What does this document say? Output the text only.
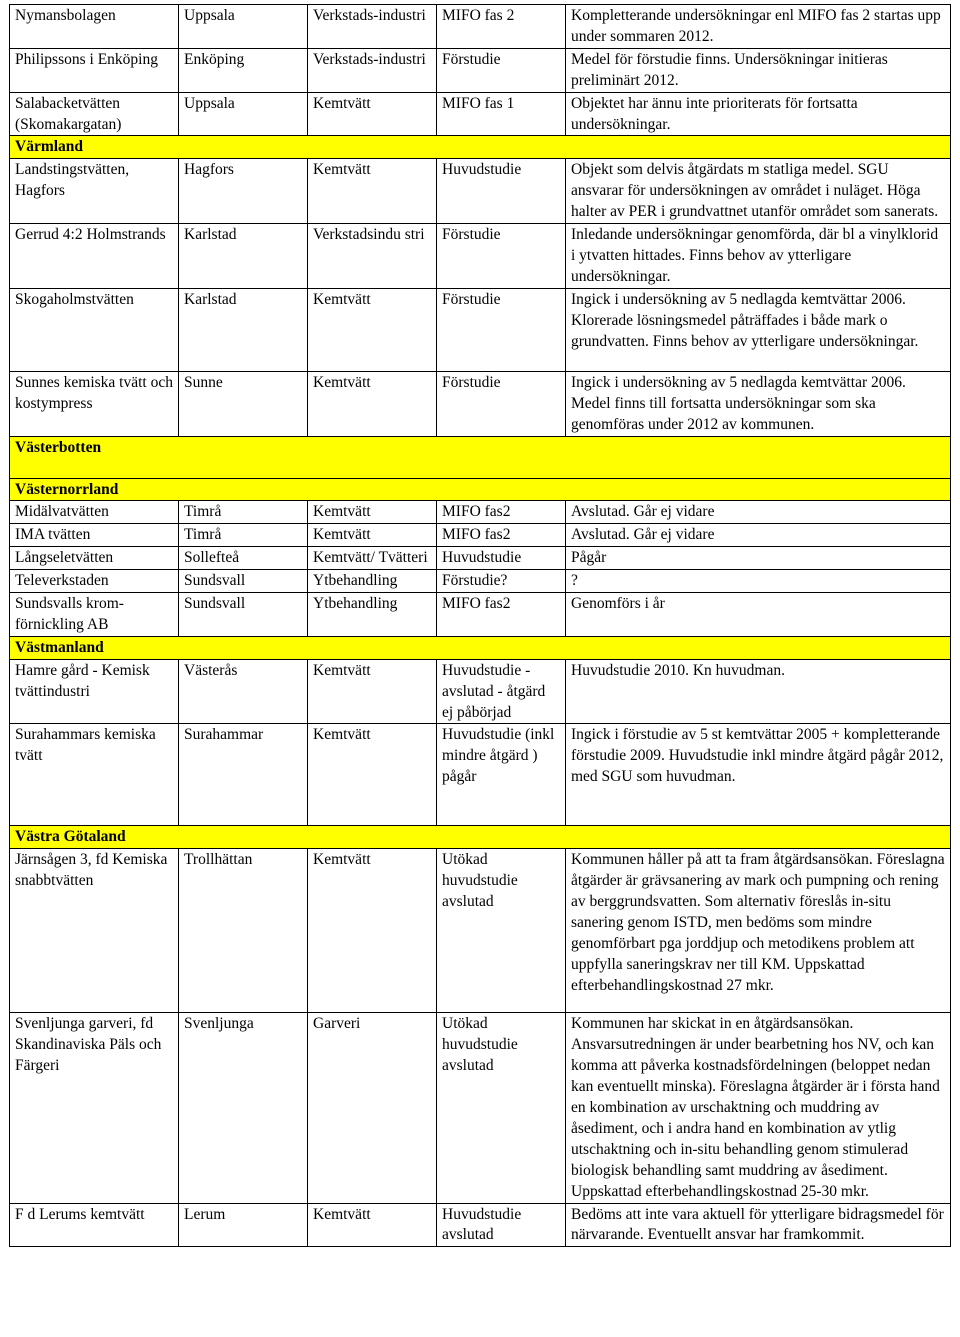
Nymansbolagen	Uppsala	Verkstads-industri	MIFO fas 2	Kompletterande undersökningar enl MIFO fas 2 startas upp under sommaren 2012.
Philipssons i Enköping	Enköping	Verkstads-industri	Förstudie	Medel för förstudie finns. Undersökningar initieras preliminärt 2012.
Salabacketvätten (Skomakargatan)	Uppsala	Kemtvätt	MIFO fas 1	Objektet har ännu inte prioriterats för fortsatta undersökningar.
Värmland				
Landstingstvätten, Hagfors	Hagfors	Kemtvätt	Huvudstudie	Objekt som delvis åtgärdats m statliga medel. SGU ansvarar för undersökningen av området i nuläget. Höga halter av PER i grundvattnet utanför området som sanerats.
Gerrud 4:2 Holmstrands	Karlstad	Verkstadsindu stri	Förstudie	Inledande undersökningar genomförda, där bl a vinylklorid i ytvatten hittades. Finns behov av ytterligare undersökningar.
Skogaholmstvätten	Karlstad	Kemtvätt	Förstudie	Ingick i undersökning av 5 nedlagda kemtvättar 2006. Klorerade lösningsmedel påträffades i både mark o grundvatten. Finns behov av ytterligare undersökningar.
Sunnes kemiska tvätt och kostympress	Sunne	Kemtvätt	Förstudie	Ingick i undersökning av 5 nedlagda kemtvättar 2006. Medel finns till fortsatta undersökningar som ska genomföras under 2012 av kommunen.
Västerbotten				
Västernorrland				
Midälvatvätten	Timrå	Kemtvätt	MIFO fas2	Avslutad. Går ej vidare
IMA tvätten	Timrå	Kemtvätt	MIFO fas2	Avslutad. Går ej vidare
Långseletvätten	Sollefteå	Kemtvätt/ Tvätteri	Huvudstudie	Pågår
Televerkstaden	Sundsvall	Ytbehandling	Förstudie?	?
Sundsvalls krom-förnickling AB	Sundsvall	Ytbehandling	MIFO fas2	Genomförs i år
Västmanland				
Hamre gård - Kemisk tvättindustri	Västerås	Kemtvätt	Huvudstudie - avslutad - åtgärd ej påbörjad	Huvudstudie 2010. Kn huvudman.
Surahammars kemiska tvätt	Surahammar	Kemtvätt	Huvudstudie (inkl mindre åtgärd ) pågår	Ingick i förstudie av 5 st kemtvättar 2005 + kompletterande förstudie 2009. Huvudstudie inkl mindre åtgärd pågår 2012, med SGU som huvudman.
Västra Götaland				
Järnsågen 3, fd Kemiska snabbtvätten	Trollhättan	Kemtvätt	Utökad huvudstudie avslutad	Kommunen håller på att ta fram åtgärdsansökan. Föreslagna åtgärder är grävsanering av mark och pumpning och rening av berggrundsvatten. Som alternativ föreslås in-situ sanering genom ISTD, men bedöms som mindre genomförbart pga jorddjup och metodikens problem att uppfylla saneringskrav ner till KM. Uppskattad efterbehandlingskostnad 27 mkr.
Svenljunga garveri, fd Skandinaviska Päls och Färgeri	Svenljunga	Garveri	Utökad huvudstudie avslutad	Kommunen har skickat in en åtgärdsansökan. Ansvarsutredningen är under bearbetning hos NV, och kan komma att påverka kostnadsfördelningen (beloppet nedan kan eventuellt minska). Föreslagna åtgärder är i första hand en kombination av urschaktning och muddring av åsediment, och i andra hand en kombination av ytlig utschaktning och in-situ behandling genom stimulerad biologisk behandling samt muddring av åsediment. Uppskattad efterbehandlingskostnad 25-30 mkr.
F d Lerums kemtvätt	Lerum	Kemtvätt	Huvudstudie avslutad	Bedöms att inte vara aktuell för ytterligare bidragsmedel för närvarande. Eventuellt ansvar har framkommit.
